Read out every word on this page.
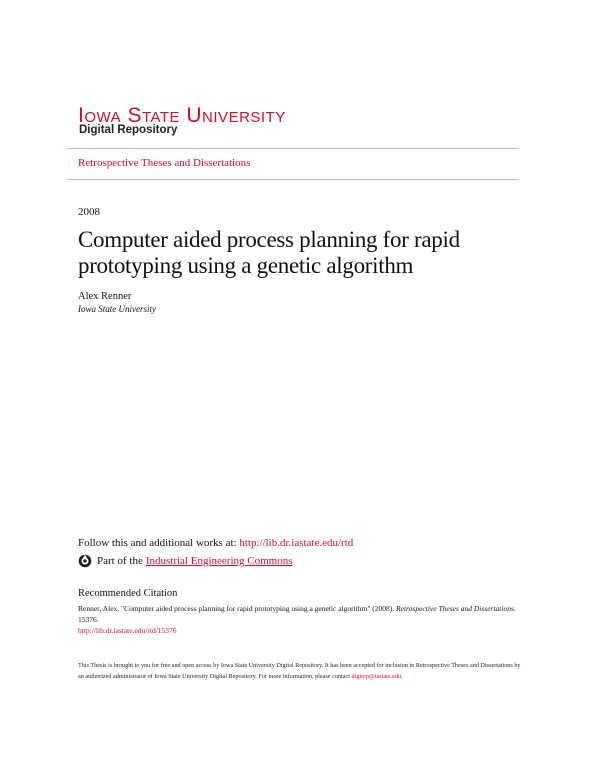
Iowa State University
Digital Repository
Retrospective Theses and Dissertations
2008
Computer aided process planning for rapid prototyping using a genetic algorithm
Alex Renner
Iowa State University
Follow this and additional works at: http://lib.dr.iastate.edu/rtd
Part of the Industrial Engineering Commons
Recommended Citation
Renner, Alex, "Computer aided process planning for rapid prototyping using a genetic algorithm" (2008). Retrospective Theses and Dissertations. 15376.
http://lib.dr.iastate.edu/rtd/15376
This Thesis is brought to you for free and open access by Iowa State University Digital Repository. It has been accepted for inclusion in Retrospective Theses and Dissertations by an authorized administrator of Iowa State University Digital Repository. For more information, please contact digirep@iastate.edu.
